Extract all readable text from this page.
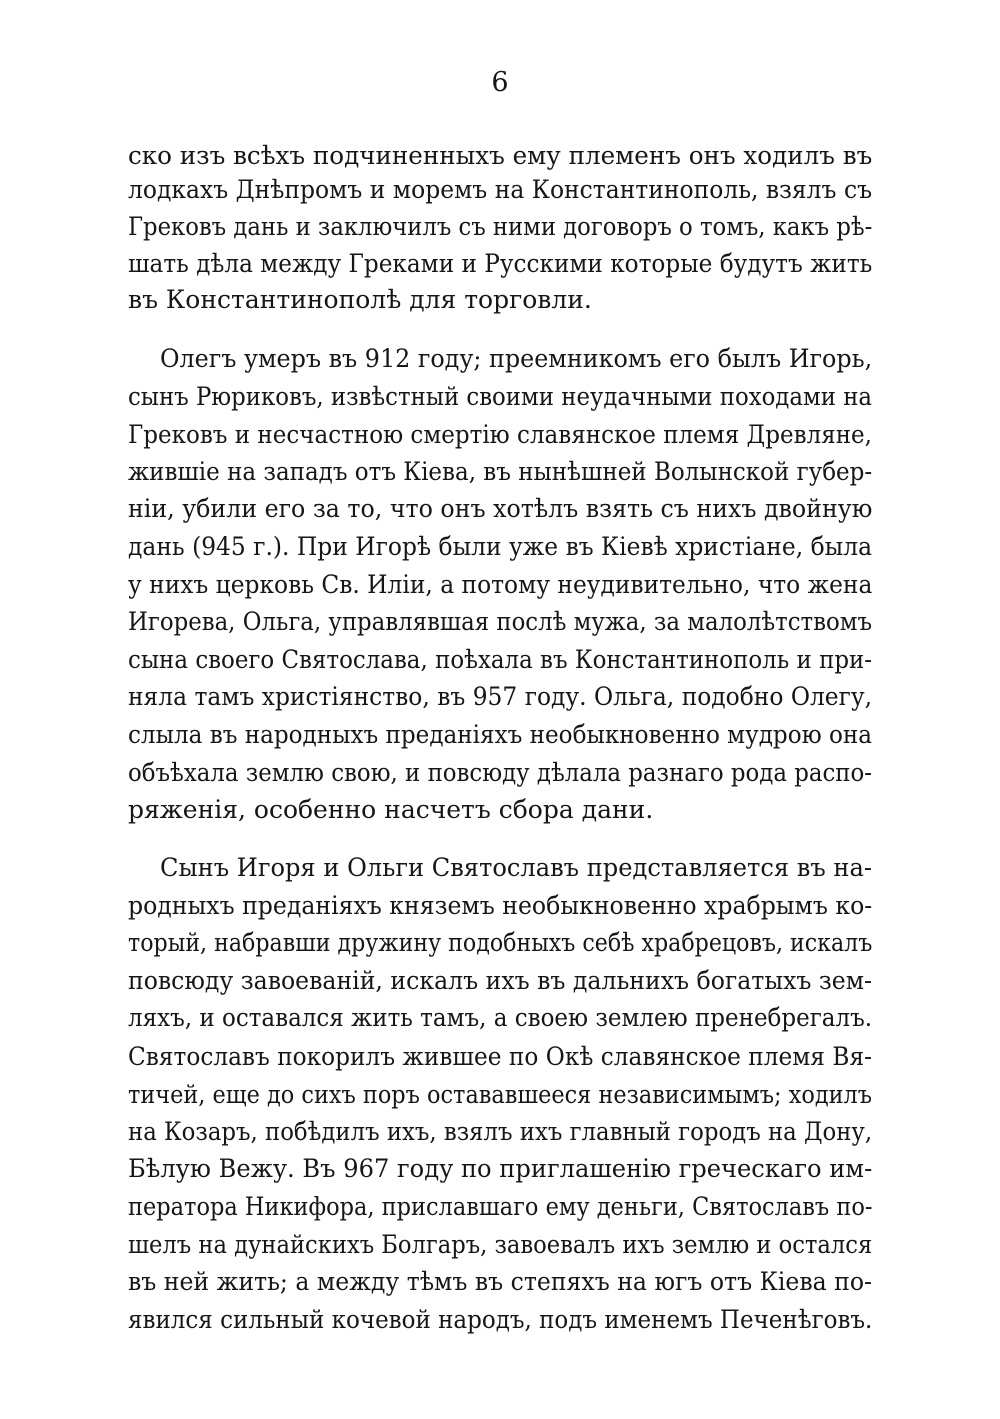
6

ско изъ всѣхъ подчиненныхъ ему племенъ онъ ходилъ въ

лодкахъ Днѣпромъ и моремъ на Константинополь, взялъ съ

Грековъ дань и заключилъ съ ними договоръ о томъ, какъ рѣ-

шать дѣла между Греками и Русскими которые будутъ жить

въ Константинополѣ для торговли.

Олегъ умеръ въ 912 году; преемникомъ его былъ Игорь,

сынъ Рюриковъ, извѣстный своими неудачными походами на

Грековъ и несчастною смертію славянское племя Древляне,

жившіе на западъ отъ Кіева, въ нынѣшней Волынской губер-

ніи, убили его за то, что онъ хотѣлъ взять съ нихъ двойную

дань (945 г.). При Игорѣ были уже въ Кіевѣ христіане, была

у нихъ церковь Св. Иліи, а потому неудивительно, что жена

Игорева, Ольга, управлявшая послѣ мужа, за малолѣтствомъ

сына своего Святослава, поѣхала въ Константинополь и при-

няла тамъ христіянство, въ 957 году. Ольга, подобно Олегу,

слыла въ народныхъ преданіяхъ необыкновенно мудрою она

объѣхала землю свою, и повсюду дѣлала разнаго рода распо-

ряженія, особенно насчетъ сбора дани.

Сынъ Игоря и Ольги Святославъ представляется въ на-

родныхъ преданіяхъ княземъ необыкновенно храбрымъ ко-

торый, набравши дружину подобныхъ себѣ храбрецовъ, искалъ

повсюду завоеваній, искалъ ихъ въ дальнихъ богатыхъ зем-

ляхъ, и оставался жить тамъ, а своею землею пренебрегалъ.

Святославъ покорилъ жившее по Окѣ славянское племя Вя-

тичей, еще до сихъ поръ остававшееся независимымъ; ходилъ

на Козаръ, побѣдилъ ихъ, взялъ ихъ главный городъ на Дону,

Бѣлую Вежу. Въ 967 году по приглашенію греческаго им-

ператора Никифора, приславшаго ему деньги, Святославъ по-

шелъ на дунайскихъ Болгаръ, завоевалъ ихъ землю и остался

въ ней жить; а между тѣмъ въ степяхъ на югъ отъ Кіева по-

явился сильный кочевой народъ, подъ именемъ Печенѣговъ.
